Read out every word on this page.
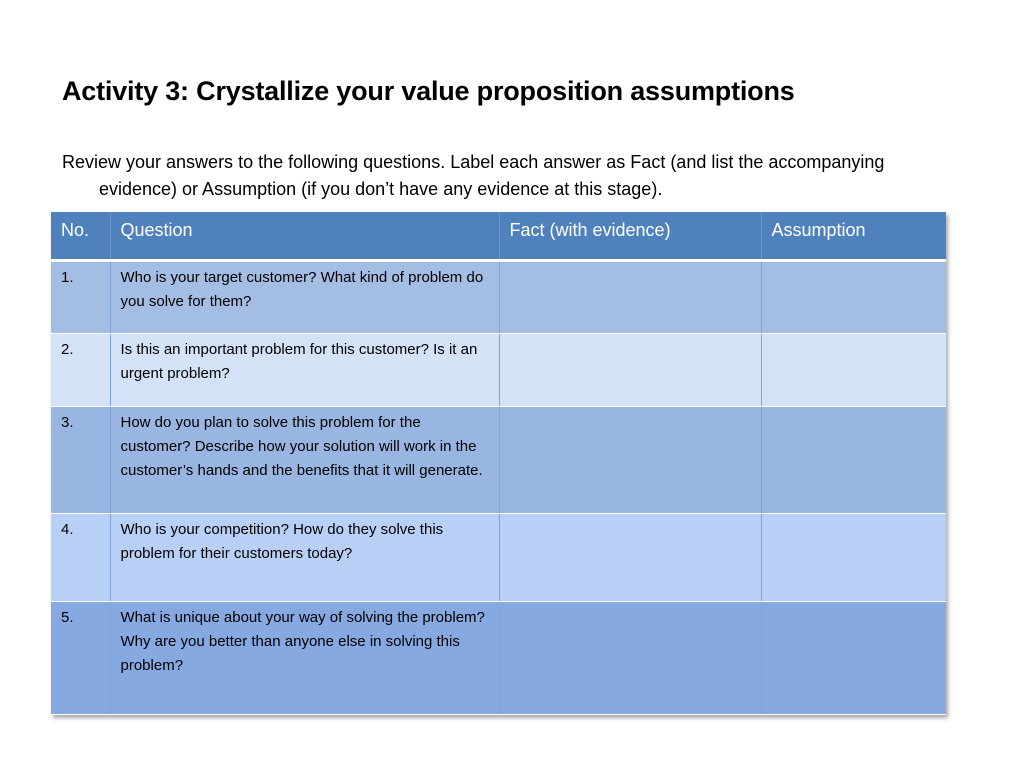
Activity 3: Crystallize your value proposition assumptions

Review your answers to the following questions. Label each answer as Fact (and list the accompanying evidence) or Assumption (if you don’t have any evidence at this stage).

No.	Question	Fact (with evidence)	Assumption
1.	Who is your target customer? What kind of problem do you solve for them?		
2.	Is this an important problem for this customer? Is it an urgent problem?		
3.	How do you plan to solve this problem for the customer? Describe how your solution will work in the customer’s hands and the benefits that it will generate.		
4.	Who is your competition? How do they solve this problem for their customers today?		
5.	What is unique about your way of solving the problem? Why are you better than anyone else in solving this problem?		
